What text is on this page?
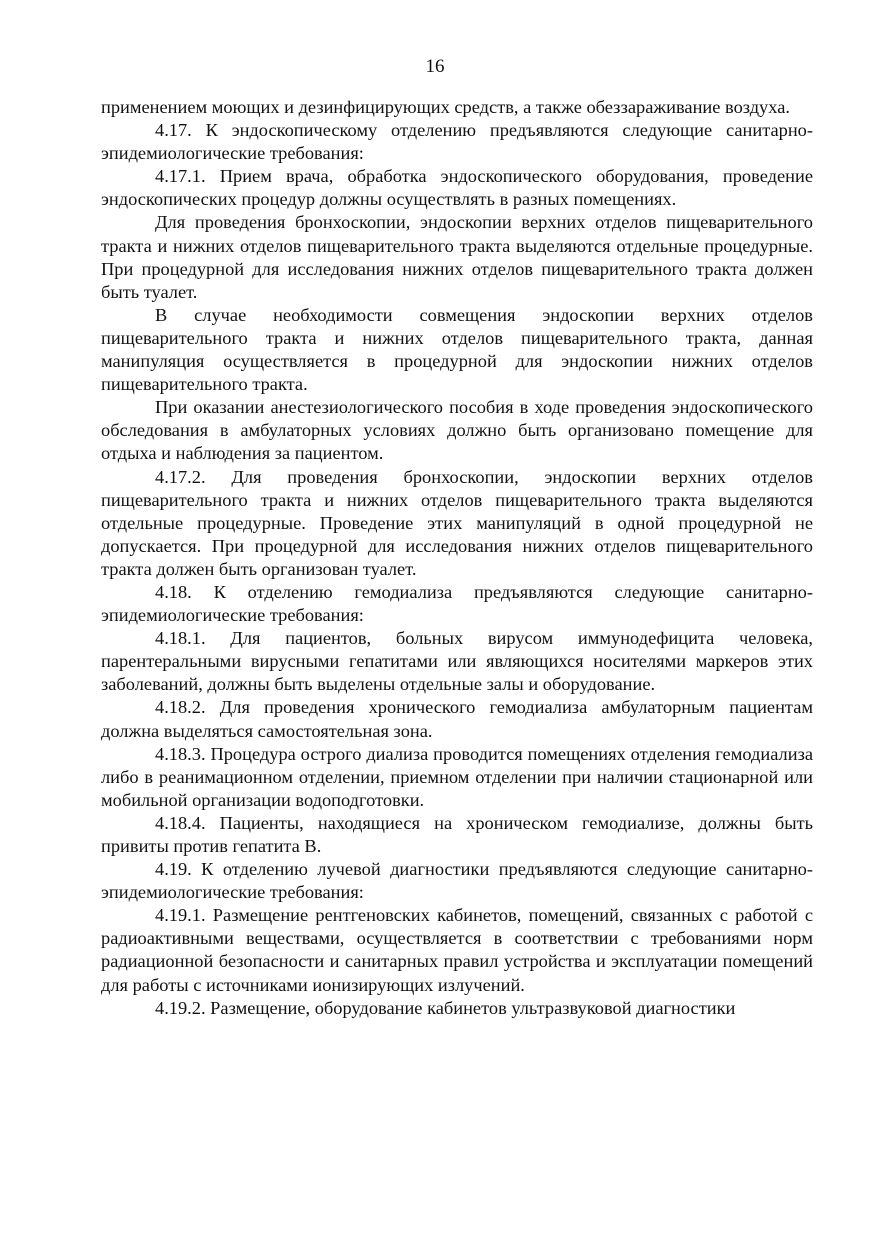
16

применением моющих и дезинфицирующих средств, а также обеззараживание воздуха.

4.17. К эндоскопическому отделению предъявляются следующие санитарно-эпидемиологические требования:

4.17.1. Прием врача, обработка эндоскопического оборудования, проведение эндоскопических процедур должны осуществлять в разных помещениях.

Для проведения бронхоскопии, эндоскопии верхних отделов пищеварительного тракта и нижних отделов пищеварительного тракта выделяются отдельные процедурные. При процедурной для исследования нижних отделов пищеварительного тракта должен быть туалет.

В случае необходимости совмещения эндоскопии верхних отделов пищеварительного тракта и нижних отделов пищеварительного тракта, данная манипуляция осуществляется в процедурной для эндоскопии нижних отделов пищеварительного тракта.

При оказании анестезиологического пособия в ходе проведения эндоскопического обследования в амбулаторных условиях должно быть организовано помещение для отдыха и наблюдения за пациентом.

4.17.2. Для проведения бронхоскопии, эндоскопии верхних отделов пищеварительного тракта и нижних отделов пищеварительного тракта выделяются отдельные процедурные. Проведение этих манипуляций в одной процедурной не допускается. При процедурной для исследования нижних отделов пищеварительного тракта должен быть организован туалет.

4.18. К отделению гемодиализа предъявляются следующие санитарно-эпидемиологические требования:

4.18.1. Для пациентов, больных вирусом иммунодефицита человека, парентеральными вирусными гепатитами или являющихся носителями маркеров этих заболеваний, должны быть выделены отдельные залы и оборудование.

4.18.2. Для проведения хронического гемодиализа амбулаторным пациентам должна выделяться самостоятельная зона.

4.18.3. Процедура острого диализа проводится помещениях отделения гемодиализа либо в реанимационном отделении, приемном отделении при наличии стационарной или мобильной организации водоподготовки.

4.18.4. Пациенты, находящиеся на хроническом гемодиализе, должны быть привиты против гепатита В.

4.19. К отделению лучевой диагностики предъявляются следующие санитарно-эпидемиологические требования:

4.19.1. Размещение рентгеновских кабинетов, помещений, связанных с работой с радиоактивными веществами, осуществляется в соответствии с требованиями норм радиационной безопасности и санитарных правил устройства и эксплуатации помещений для работы с источниками ионизирующих излучений.

4.19.2. Размещение, оборудование кабинетов ультразвуковой диагностики
